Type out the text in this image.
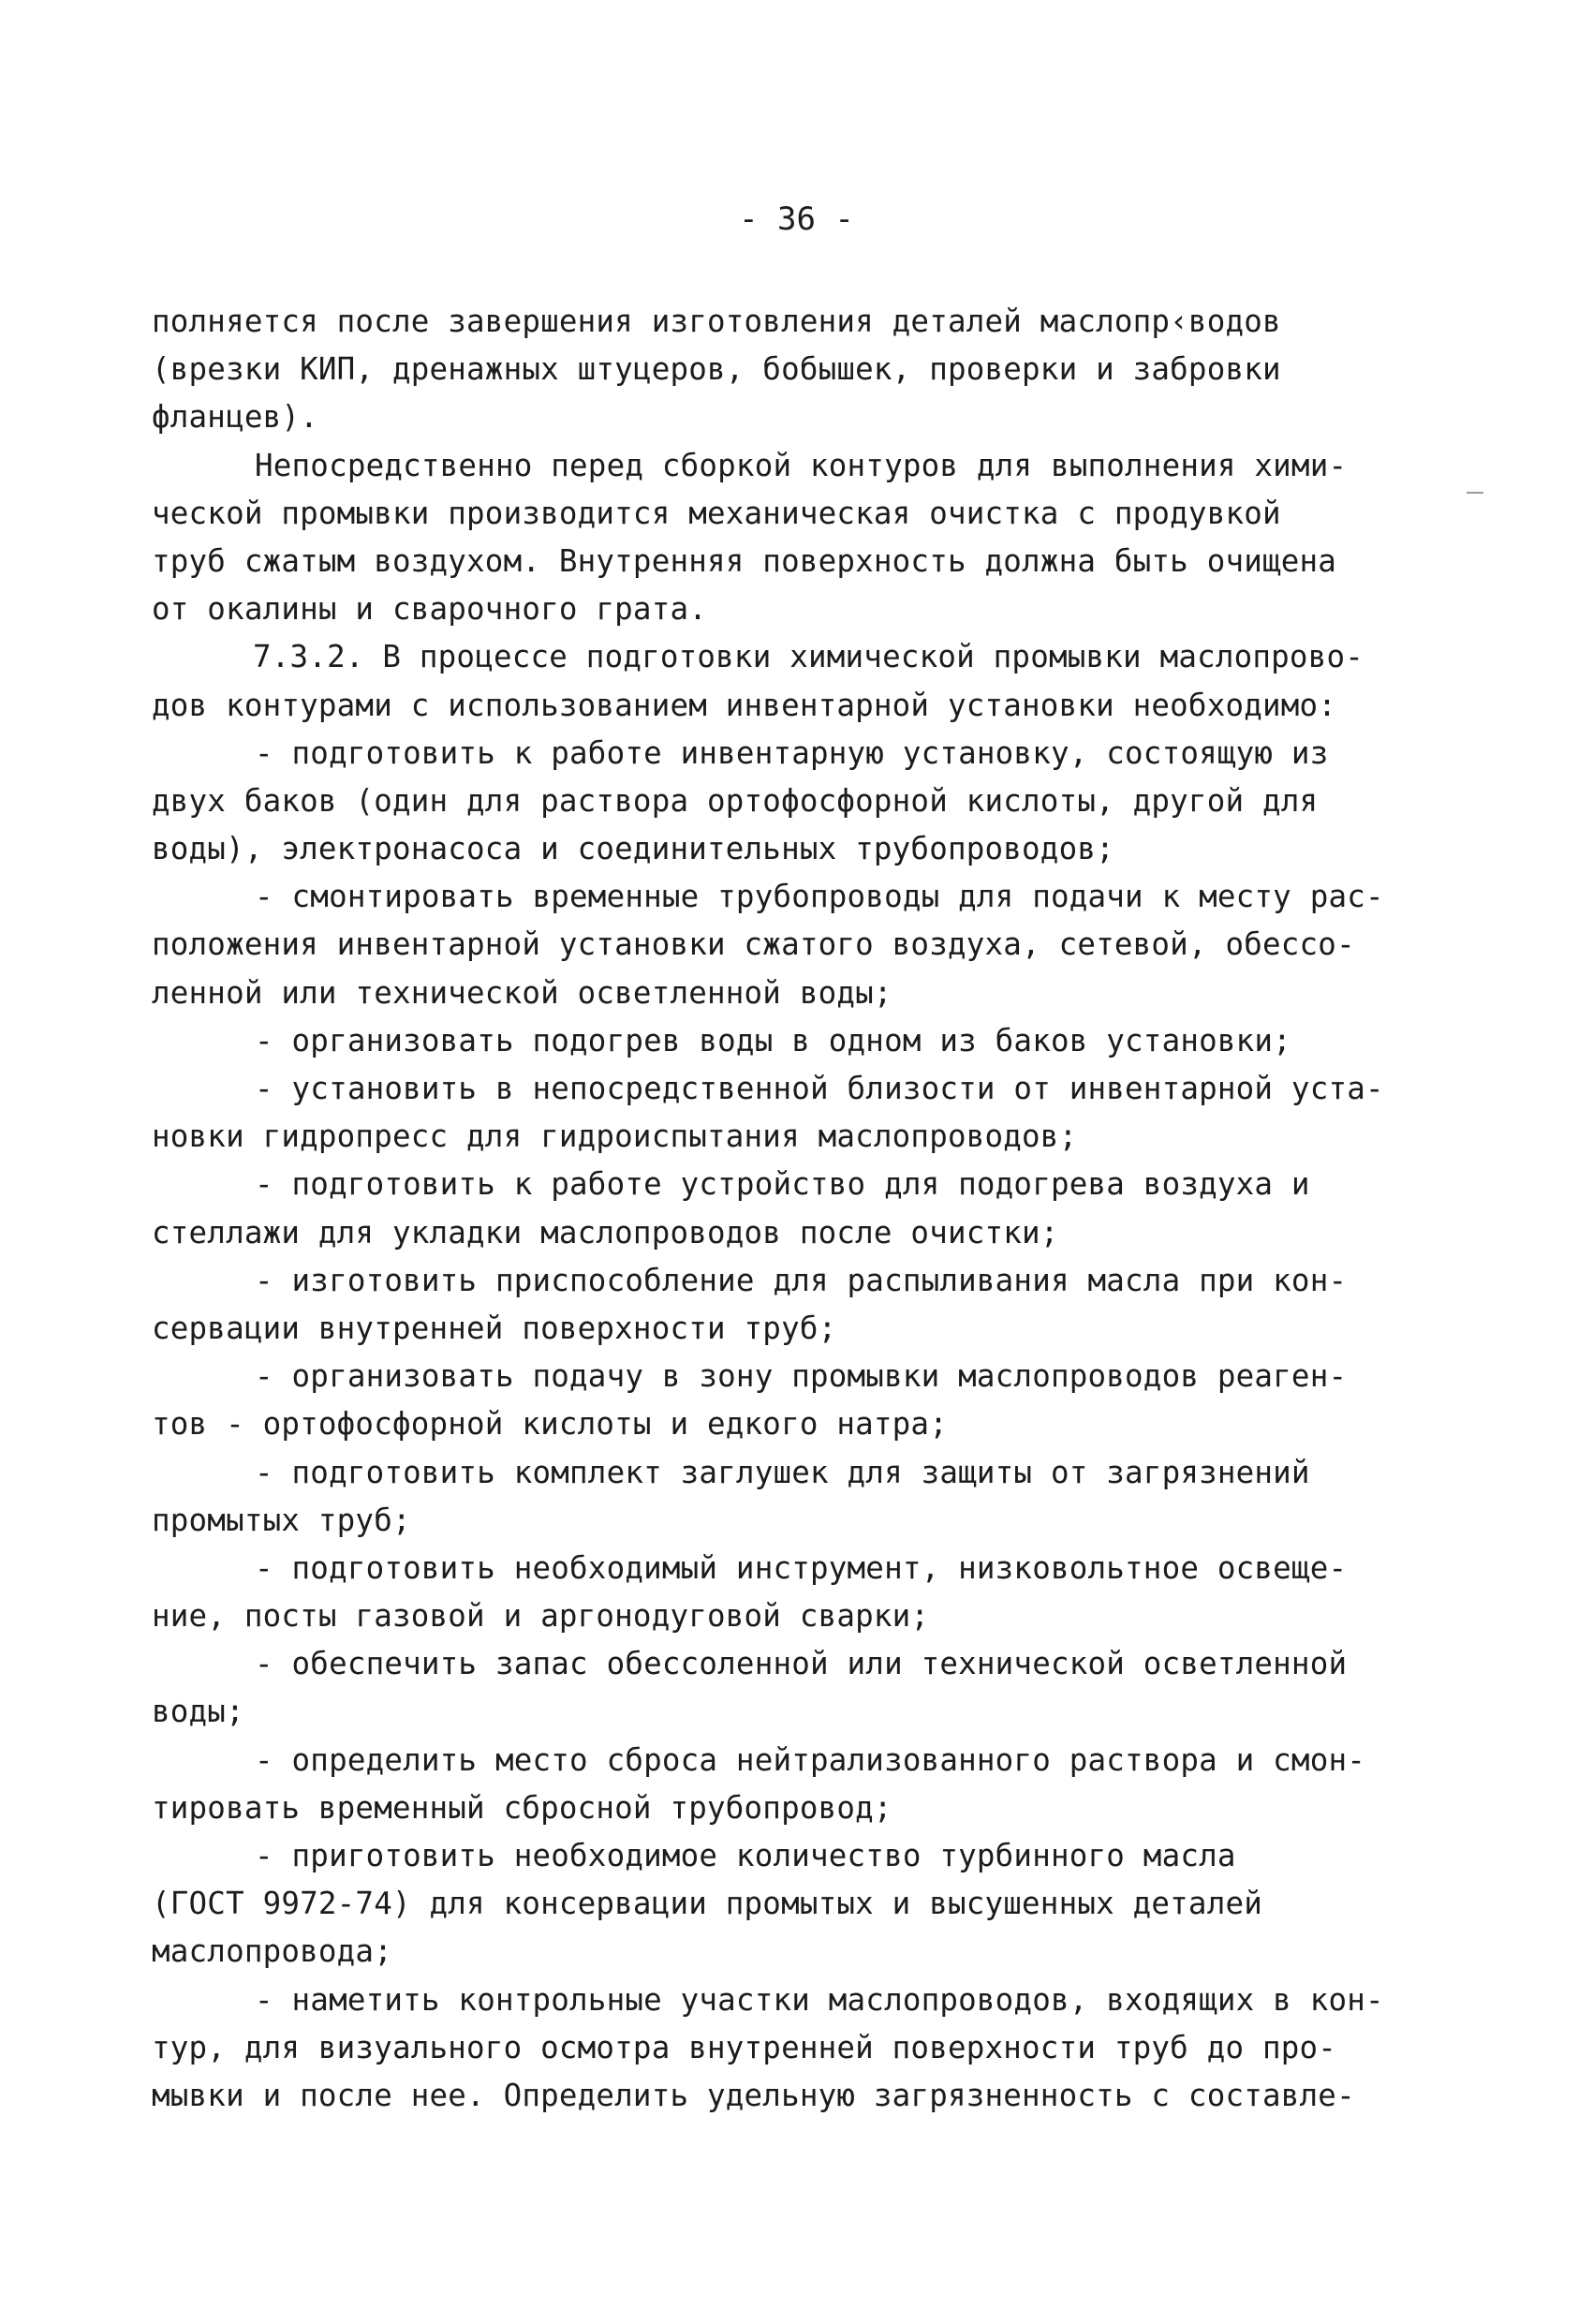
- 36 -
полняется после завершения изготовления деталей маслопр‹водов
(врезки КИП, дренажных штуцеров, бобышек, проверки и забровки
фланцев).
Непосредственно перед сборкой контуров для выполнения хими-
ческой промывки производится механическая очистка с продувкой
труб сжатым воздухом. Внутренняя поверхность должна быть очищена
от окалины и сварочного грата.
7.3.2. В процессе подготовки химической промывки маслопрово-
дов контурами с использованием инвентарной установки необходимо:
- подготовить к работе инвентарную установку, состоящую из
двух баков (один для раствора ортофосфорной кислоты, другой для
воды), электронасоса и соединительных трубопроводов;
- смонтировать временные трубопроводы для подачи к месту рас-
положения инвентарной установки сжатого воздуха, сетевой, обессо-
ленной или технической осветленной воды;
- организовать подогрев воды в одном из баков установки;
- установить в непосредственной близости от инвентарной уста-
новки гидропресс для гидроиспытания маслопроводов;
- подготовить к работе устройство для подогрева воздуха и
стеллажи для укладки маслопроводов после очистки;
- изготовить приспособление для распыливания масла при кон-
сервации внутренней поверхности труб;
- организовать подачу в зону промывки маслопроводов реаген-
тов - ортофосфорной кислоты и едкого натра;
- подготовить комплект заглушек для защиты от загрязнений
промытых труб;
- подготовить необходимый инструмент, низковольтное освеще-
ние, посты газовой и аргонодуговой сварки;
- обеспечить запас обессоленной или технической осветленной
воды;
- определить место сброса нейтрализованного раствора и смон-
тировать временный сбросной трубопровод;
- приготовить необходимое количество турбинного масла
(ГОСТ 9972-74) для консервации промытых и высушенных деталей
маслопровода;
- наметить контрольные участки маслопроводов, входящих в кон-
тур, для визуального осмотра внутренней поверхности труб до про-
мывки и после нее. Определить удельную загрязненность с составле-
